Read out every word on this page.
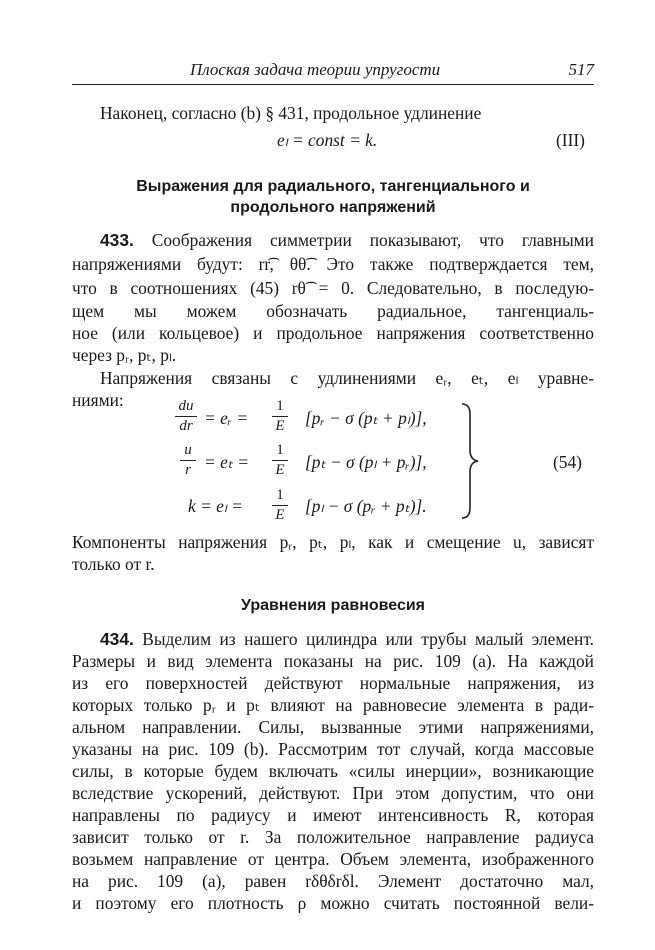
Плоская задача теории упругости	517
Наконец, согласно (b) § 431, продольное удлинение
eₗ = const = k.	(III)
Выражения для радиального, тангенциального и
продольного напряжений
433. Соображения симметрии показывают, что главными
напряжениями будут: rr͡, θθ͡. Это также подтверждается тем,
что в соотношениях (45) rθ͡ = 0. Следовательно, в последую-
щем мы можем обозначать радиальное, тангенциаль-
ное (или кольцевое) и продольное напряжения соответственно
через pᵣ, pₜ, pₗ.
Напряжения связаны с удлинениями eᵣ, eₜ, eₗ уравне-
ниями:	du
dr = eᵣ =
1
E [pᵣ − σ (pₜ + pₗ)],
u
r = eₜ =
1
E [pₜ − σ (pₗ + pᵣ)],
k = eₗ =
1
E [pₗ − σ (pᵣ + pₜ)].
(54)
Компоненты напряжения pᵣ, pₜ, pₗ, как и смещение u, зависят
только от r.
Уравнения равновесия
434. Выделим из нашего цилиндра или трубы малый элемент.
Размеры и вид элемента показаны на рис. 109 (a). На каждой
из его поверхностей действуют нормальные напряжения, из
которых только pᵣ и pₜ влияют на равновесие элемента в ради-
альном направлении. Силы, вызванные этими напряжениями,
указаны на рис. 109 (b). Рассмотрим тот случай, когда массовые
силы, в которые будем включать «силы инерции», возникающие
вследствие ускорений, действуют. При этом допустим, что они
направлены по радиусу и имеют интенсивность R, которая
зависит только от r. За положительное направление радиуса
возьмем направление от центра. Объем элемента, изображенного
на рис. 109 (a), равен rδθδrδl. Элемент достаточно мал,
и поэтому его плотность ρ можно считать постоянной вели-
